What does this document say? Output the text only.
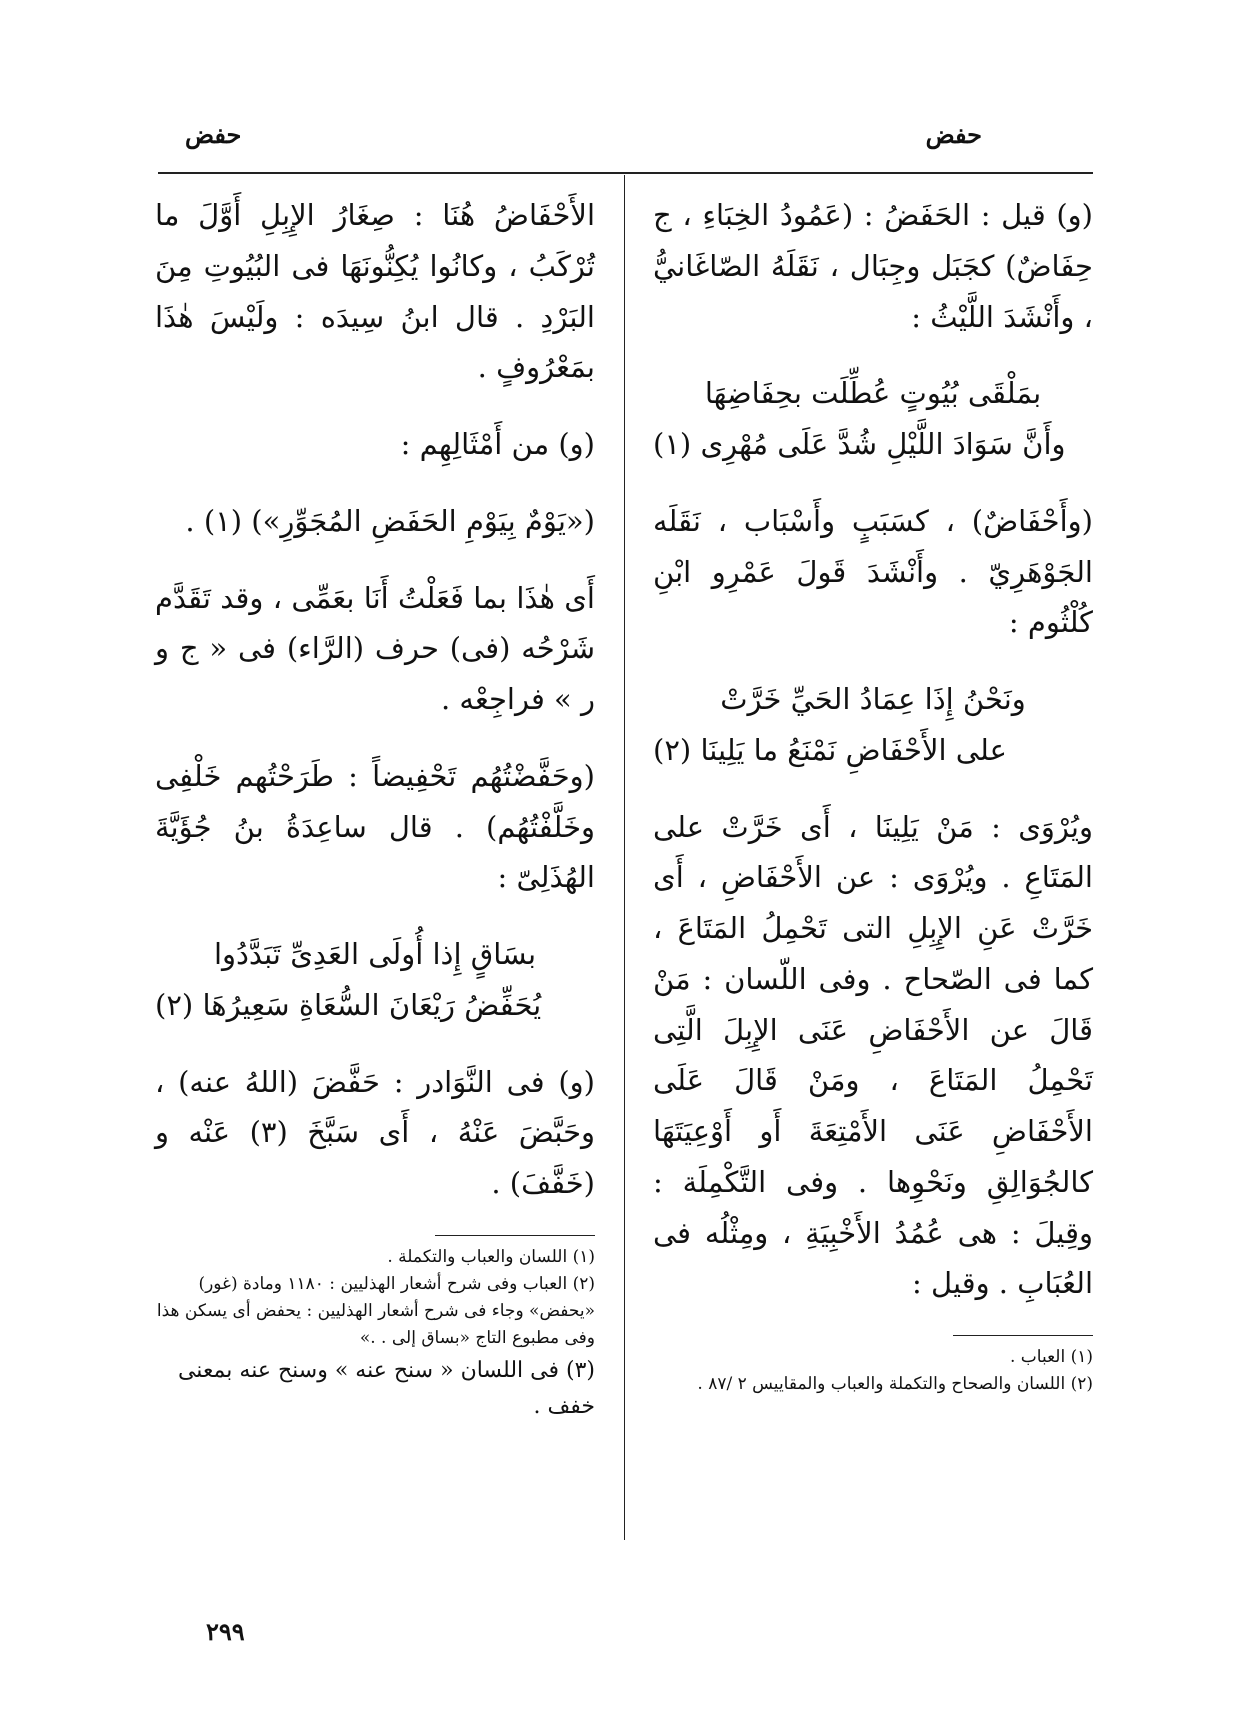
حفض
حفض

(و) قيل : الحَفَضُ : (عَمُودُ الخِبَاءِ ، ج حِفَاضٌ) كجَبَل وجِبَال ، نَقَلَهُ الصّاغَانيُّ ، وأَنْشَدَ اللَّيْثُ :

بمَلْقَى بُيُوتٍ عُطِّلَت بحِفَاضِهَا
وأَنَّ سَوَادَ اللَّيْلِ شُدَّ عَلَى مُهْرِى (١)

(وأَحْفَاضٌ) ، كسَبَبٍ وأَسْبَاب ، نَقَلَه الجَوْهَرِيّ . وأَنْشَدَ قَولَ عَمْرِو ابْنِ كُلْثُوم :

ونَحْنُ إِذَا عِمَادُ الحَيِّ خَرَّتْ
على الأَحْفَاضِ نَمْنَعُ ما يَلِينَا (٢)

ويُرْوَى : مَنْ يَلِينَا ، أَى خَرَّتْ على المَتَاعِ . ويُرْوَى : عن الأَحْفَاضِ ، أَى خَرَّتْ عَنِ الإِبِلِ التى تَحْمِلُ المَتَاعَ ، كما فى الصّحاح . وفى اللّسان : مَنْ قَالَ عن الأَحْفَاضِ عَنَى الإِبِلَ الَّتِى تَحْمِلُ المَتَاعَ ، ومَنْ قَالَ عَلَى الأَحْفَاضِ عَنَى الأَمْتِعَةَ أَو أَوْعِيَتَهَا كالجُوَالِقِ ونَحْوِها . وفى التَّكْمِلَة : وقِيلَ : هى عُمُدُ الأَخْبِيَةِ ، ومِثْلُه فى العُبَابِ . وقيل :

(١) العباب .

(٢) اللسان والصحاح والتكملة والعباب والمقاييس ٢ /٨٧ .

الأَحْفَاضُ هُنَا : صِغَارُ الإِبِلِ أَوَّلَ ما تُرْكَبُ ، وكانُوا يُكِنُّونَهَا فى البُيُوتِ مِنَ البَرْدِ . قال ابنُ سِيدَه : ولَيْسَ هٰذَا بمَعْرُوفٍ .

(و) من أَمْثَالِهِم :

(«يَوْمٌ بِيَوْمِ الحَفَضِ المُجَوِّرِ») (١) .

أَى هٰذَا بما فَعَلْتُ أَنَا بعَمِّى ، وقد تَقَدَّم شَرْحُه (فى) حرف (الرَّاء) فى « ج و ر » فراجِعْه .

(وحَفَّضْتُهُم تَحْفِيضاً : طَرَحْتُهم خَلْفِى وخَلَّفْتُهُم) . قال ساعِدَةُ بنُ جُؤَيَّةَ الهُذَلِىّ :

بسَاقٍ إِذا أُولَى العَدِىِّ تَبَدَّدُوا
يُحَفِّضُ رَيْعَانَ السُّعَاةِ سَعِيرُهَا (٢)

(و) فى النَّوَادر : حَفَّضَ (اللهُ عنه) ، وحَبَّضَ عَنْهُ ، أَى سَبَّخَ (٣) عَنْه و (خَفَّفَ) .

(١) اللسان والعباب والتكملة .

(٢) العباب وفى شرح أشعار الهذليين : ١١٨٠ ومادة (غور) «يحفض» وجاء فى شرح أشعار الهذليين : يحفض أى يسكن هذا وفى مطبوع التاج «بساق إلى . .»

(٣) فى اللسان « سنح عنه » وسنح عنه بمعنى خفف .

٢٩٩
